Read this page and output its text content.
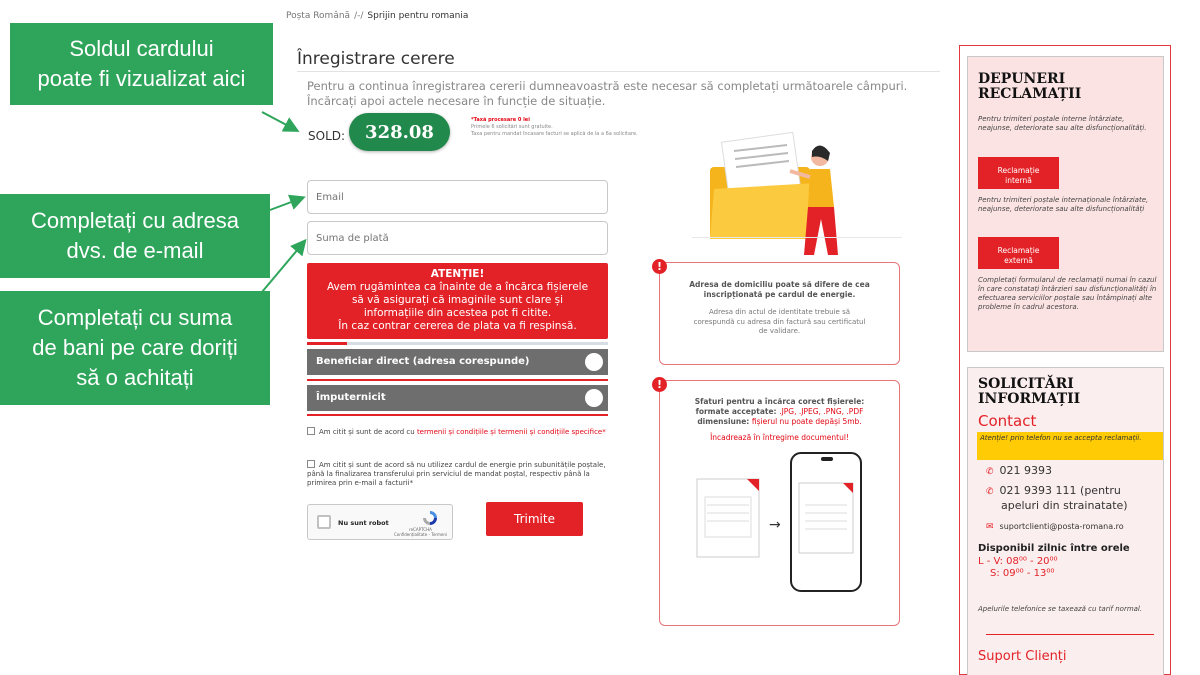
Soldul cardului
poate fi vizualizat aici
Completați cu adresa
dvs. de e-mail
Completați cu suma
de bani pe care doriți
să o achitați
Poșta Română /-/ Sprijin pentru romania
Înregistrare cerere
Pentru a continua înregistrarea cererii dumneavoastră este necesar să completați următoarele câmpuri. Încărcați apoi actele necesare în funcție de situație.
SOLD:	328.08
*Taxă procesare 0 lei
Primele 6 solicitări sunt gratuite.
Taxa pentru mandat încasare facturi se aplică de la a 6a solicitare.
Email
Suma de plată
ATENȚIE!
Avem rugămintea ca înainte de a încărca fișierele
să vă asigurați că imaginile sunt clare și
informațiile din acestea pot fi citite.
În caz contrar cererea de plata va fi respinsă.
Beneficiar direct (adresa corespunde)
Împuternicit
Am citit și sunt de acord cu termenii și condițiile și termenii și condițiile specifice*
Am citit și sunt de acord să nu utilizez cardul de energie prin subunitățile poștale, până la finalizarea transferului prin serviciul de mandat poștal, respectiv până la primirea prin e-mail a facturii*
Nu sunt robot
reCAPTCHA
Confidențialitate - Termeni
Trimite
Adresa de domiciliu poate să difere de cea inscripționată pe cardul de energie.
Adresa din actul de identitate trebuie să corespundă cu adresa din factură sau certificatul de validare.
!
Sfaturi pentru a încărca corect fișierele:
formate acceptate: .JPG, .JPEG, .PNG, .PDF
dimensiune: fișierul nu poate depăși 5mb.
Încadrează în întregime documentul!
→
!
DEPUNERI
RECLAMAȚII
Pentru trimiteri poștale interne întârziate, neajunse, deteriorate sau alte disfuncționalități.
Reclamație
internă
Pentru trimiteri poștale internaționale întârziate, neajunse, deteriorate sau alte disfuncționalități
Reclamație
externă
Completați formularul de reclamații numai în cazul în care constatați întârzieri sau disfuncționalități în efectuarea serviciilor poștale sau întâmpinați alte probleme în cadrul acestora.
SOLICITĂRI
INFORMAȚII
Contact
Atenție! prin telefon nu se accepta reclamații.
✆ 021 9393
✆ 021 9393 111 (pentru
apeluri din strainatate)
✉ suportclienti@posta-romana.ro
Disponibil zilnic între orele
L - V: 08⁰⁰ - 20⁰⁰
S: 09⁰⁰ - 13⁰⁰
Apelurile telefonice se taxează cu tarif normal.
Suport Clienți
